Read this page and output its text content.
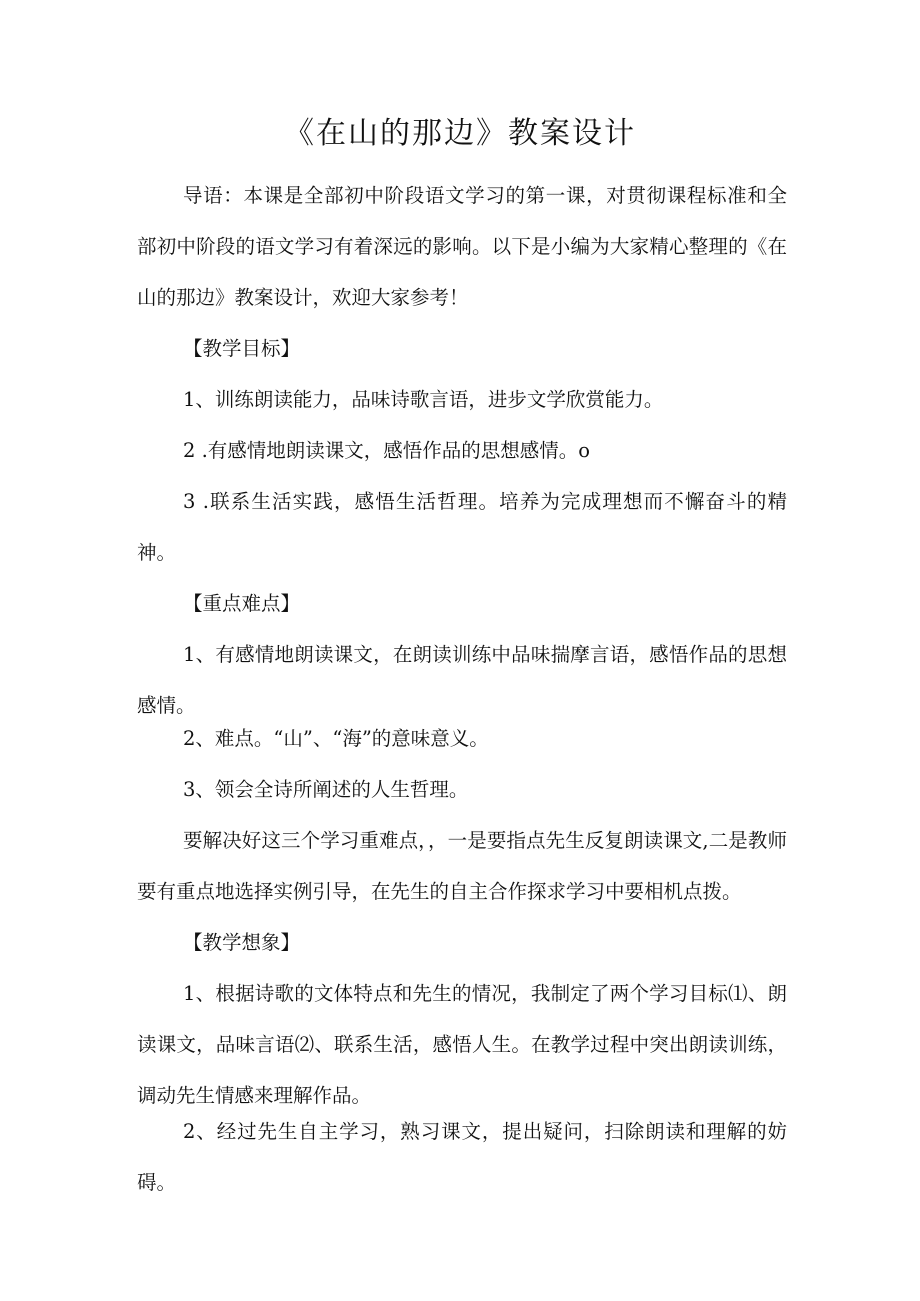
《在山的那边》教案设计
导语：本课是全部初中阶段语文学习的第一课，对贯彻课程标准和全部初中阶段的语文学习有着深远的影响。以下是小编为大家精心整理的《在山的那边》教案设计，欢迎大家参考！
【教学目标】
1、训练朗读能力，品味诗歌言语，进步文学欣赏能力。
2 .有感情地朗读课文，感悟作品的思想感情。o
3 .联系生活实践，感悟生活哲理。培养为完成理想而不懈奋斗的精神。
【重点难点】
1、有感情地朗读课文，在朗读训练中品味揣摩言语，感悟作品的思想感情。
2、难点。“山”、“海”的意味意义。
3、领会全诗所阐述的人生哲理。
要解决好这三个学习重难点，，一是要指点先生反复朗读课文,二是教师要有重点地选择实例引导，在先生的自主合作探求学习中要相机点拨。
【教学想象】
1、根据诗歌的文体特点和先生的情况，我制定了两个学习目标⑴、朗读课文，品味言语⑵、联系生活，感悟人生。在教学过程中突出朗读训练，调动先生情感来理解作品。
2、经过先生自主学习，熟习课文，提出疑问，扫除朗读和理解的妨碍。
